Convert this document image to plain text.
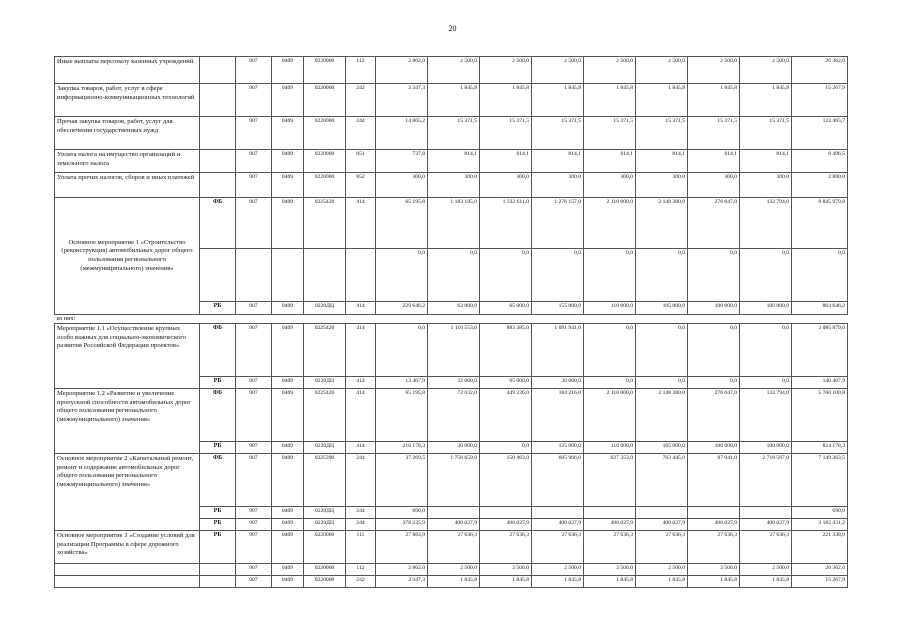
20
Иные выплаты персоналу казенных учреждений		907	0409	0220000	112	2 862,0	2 500,0	2 500,0	2 500,0	2 500,0	2 500,0	2 500,0	2 500,0	26 362,0
Закупка товаров, работ, услуг в сфере информационно-коммуникационных технологий		907	0409	0220000	242	2 347,3	1 845,8	1 845,8	1 845,8	1 845,8	1 845,8	1 845,8	1 845,8	15 267,9
Прочая закупка товаров, работ, услуг для обеспечения государственных нужд		907	0409	0220000	244	14 865,2	15 371,5	15 371,5	15 371,5	15 371,5	15 371,5	15 371,5	15 371,5	122 465,7
Уплата налога на имущество организаций и земельного налога		907	0409	0220000	851	737,8	814,1	814,1	814,1	814,1	814,1	814,1	814,1	6 496,5
Уплата прочих налогов, сборов и иных платежей		907	0409	0220000	852	300,0	300,0	300,0	300,0	300,0	300,0	300,0	300,0	2 800,0
Основное мероприятие 1 «Строительство (реконструкция) автомобильных дорог общего пользования регионального (межмуниципального) значения»	ФБ	907	0409	0225420	414	65 195,8	1 183 185,0	1 332 611,0	1 276 157,0	2 110 000,0	2 148 380,0	276 047,0	132 794,0	8 845 979,8
						0,0	0,0	0,0	0,0	0,0	0,0	0,0	0,0	0,0
	РБ	907	0409	0220ДЦ	414	229 646,2	62 000,0	65 000,0	155 000,0	110 000,0	105 000,0	100 000,0	100 000,0	864 646,2
из них:														
Мероприятие 1.1 «Осуществление крупных особо важных для социально-экономического развития Российской Федерации проектов»	ФБ	907	0409	0225420	414	0,0	1 110 553,0	883 385,0	1 091 941,0	0,0	0,0	0,0	0,0	3 085 879,0
	РБ	907	0409	0220ДЦ	414	13 467,9	32 000,0	65 000,0	30 000,0	0,0	0,0	0,0	0,0	140 467,9
Мероприятие 1.2 «Развитие и увеличение пропускной способности автомобильных дорог общего пользования регионального (межмуниципального) значения»	ФБ	907	0409	0225420	414	65 195,8	72 632,0	449 236,0	184 216,0	2 110 000,0	2 148 380,0	276 047,0	132 794,0	5 760 100,8
	РБ	907	0409	0220ДЦ	414	216 178,3	30 000,0	0,0	125 000,0	110 000,0	105 000,0	100 000,0	100 000,0	824 178,3
Основное мероприятие 2 «Капитальный ремонт, ремонт и содержание автомобильных дорог общего пользования регионального (межмуниципального) значения»	ФБ	907	0409	0225390	244	37 269,5	1 756 659,0	150 463,0	605 966,0	627 353,0	763 445,0	87 041,0	2 716 567,0	7 149 263,5
	РБ	907	0409	0220ДЦ	244	690,0								690,0
	РБ	907	0409	0220ДЦ	244	378 235,9	400 027,9	400 027,9	400 027,9	400 027,9	400 027,9	400 027,9	400 027,9	3 182 431,2
Основное мероприятие 3 «Создание условий для реализации Программы в сфере дорожного хозяйства»	РБ	907	0409	0220000	111	27 883,9	27 636,3	27 636,3	27 636,3	27 636,3	27 636,3	27 636,3	27 636,3	221 338,0
		907	0409	0220000	112	2 862,0	2 500,0	2 500,0	2 500,0	2 500,0	2 500,0	2 500,0	2 500,0	26 362,0
		907	0409	0220000	242	2 347,3	1 845,8	1 845,8	1 845,8	1 845,8	1 845,8	1 845,8	1 845,8	15 267,9
